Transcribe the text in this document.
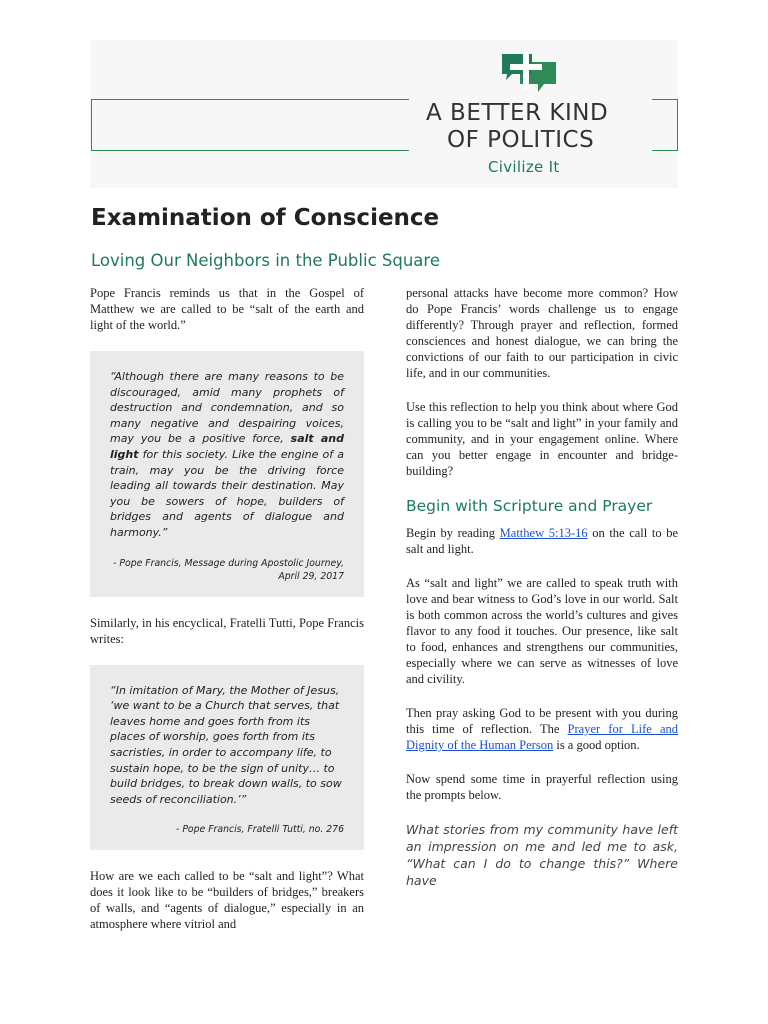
A BETTER KIND
OF POLITICS
Civilize It
Examination of Conscience
Loving Our Neighbors in the Public Square

Pope Francis reminds us that in the Gospel of Matthew we are called to be “salt of the earth and light of the world.”

“Although there are many reasons to be discouraged, amid many prophets of destruction and condemnation, and so many negative and despairing voices, may you be a positive force, salt and light for this society. Like the engine of a train, may you be the driving force leading all towards their destination. May you be sowers of hope, builders of bridges and agents of dialogue and harmony.”
- Pope Francis, Message during Apostolic Journey, April 29, 2017

Similarly, in his encyclical, Fratelli Tutti, Pope Francis writes:

“In imitation of Mary, the Mother of Jesus, ‘we want to be a Church that serves, that leaves home and goes forth from its places of worship, goes forth from its sacristies, in order to accompany life, to sustain hope, to be the sign of unity… to build bridges, to break down walls, to sow seeds of reconciliation.’”
- Pope Francis, Fratelli Tutti, no. 276

How are we each called to be “salt and light”? What does it look like to be “builders of bridges,” breakers of walls, and “agents of dialogue,” especially in an atmosphere where vitriol and

personal attacks have become more common? How do Pope Francis’ words challenge us to engage differently? Through prayer and reflection, formed consciences and honest dialogue, we can bring the convictions of our faith to our participation in civic life, and in our communities.

Use this reflection to help you think about where God is calling you to be “salt and light” in your family and community, and in your engagement online. Where can you better engage in encounter and bridge-building?

Begin with Scripture and Prayer

Begin by reading Matthew 5:13-16 on the call to be salt and light.

As “salt and light” we are called to speak truth with love and bear witness to God’s love in our world. Salt is both common across the world’s cultures and gives flavor to any food it touches. Our presence, like salt to food, enhances and strengthens our communities, especially where we can serve as witnesses of love and civility.

Then pray asking God to be present with you during this time of reflection. The Prayer for Life and Dignity of the Human Person is a good option.

Now spend some time in prayerful reflection using the prompts below.

What stories from my community have left an impression on me and led me to ask, “What can I do to change this?” Where have
